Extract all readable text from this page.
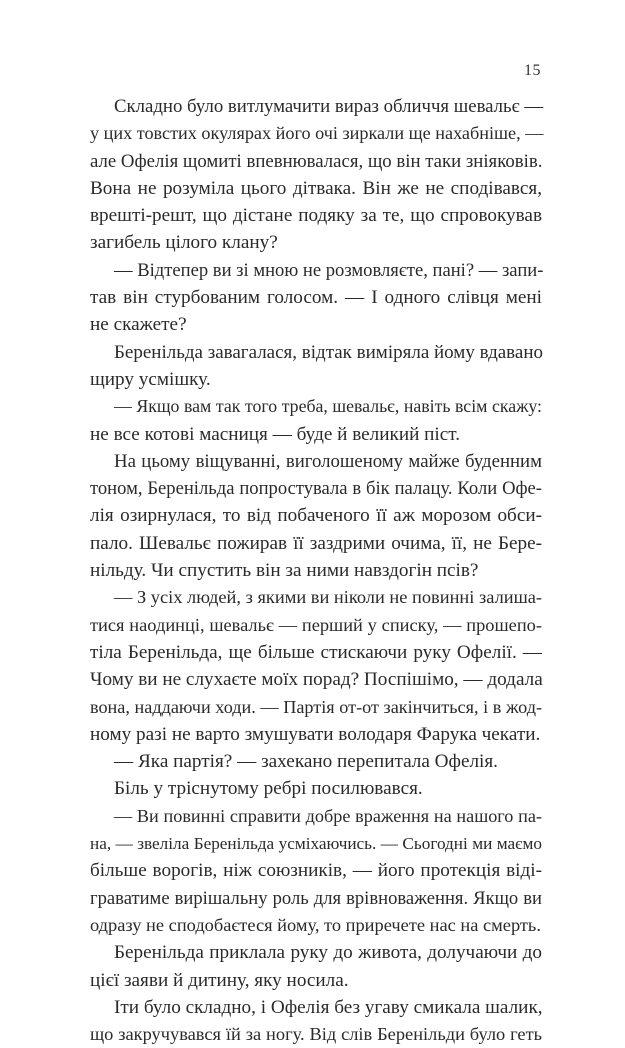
15
Складно було витлумачити вираз обличчя шевальє —
у цих товстих окулярах його очі зиркали ще нахабніше, —
але Офелія щомиті впевнювалася, що він таки зніяковів.
Вона не розуміла цього дітвака. Він же не сподівався,
врешті-решт, що дістане подяку за те, що спровокував
загибель цілого клану?
— Відтепер ви зі мною не розмовляєте, пані? — запи-
тав він стурбованим голосом. — І одного слівця мені
не скажете?
Беренільда завагалася, відтак виміряла йому вдавано
щиру усмішку.
— Якщо вам так того треба, шевальє, навіть всім скажу:
не все котові масниця — буде й великий піст.
На цьому віщуванні, виголошеному майже буденним
тоном, Беренільда попростувала в бік палацу. Коли Офе-
лія озирнулася, то від побаченого її аж морозом обси-
пало. Шевальє пожирав її заздрими очима, її, не Бере-
нільду. Чи спустить він за ними навздогін псів?
— З усіх людей, з якими ви ніколи не повинні залиша-
тися наодинці, шевальє — перший у списку, — прошепо-
тіла Беренільда, ще більше стискаючи руку Офелії. —
Чому ви не слухаєте моїх порад? Поспішімо, — додала
вона, наддаючи ходи. — Партія от-от закінчиться, і в жод-
ному разі не варто змушувати володаря Фарука чекати.
— Яка партія? — захекано перепитала Офелія.
Біль у тріснутому ребрі посилювався.
— Ви повинні справити добре враження на нашого па-
на, — звеліла Беренільда усміхаючись. — Сьогодні ми маємо
більше ворогів, ніж союзників, — його протекція віді-
граватиме вирішальну роль для врівноваження. Якщо ви
одразу не сподобаєтеся йому, то приречете нас на смерть.
Беренільда приклала руку до живота, долучаючи до
цієї заяви й дитину, яку носила.
Іти було складно, і Офелія без угаву смикала шалик,
що закручувався їй за ногу. Від слів Беренільди було геть
